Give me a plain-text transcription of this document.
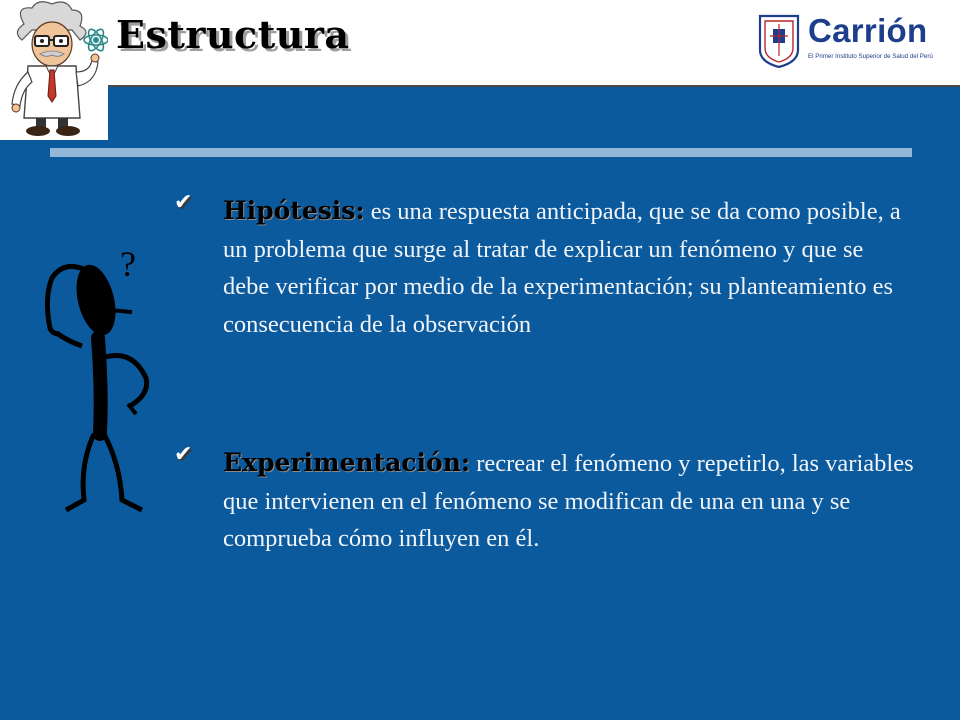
Estructura	Carrión
El Primer Instituto Superior de Salud del Perú
?
✔ Hipótesis: es una respuesta anticipada, que se da como posible, a un problema que surge al tratar de explicar un fenómeno y que se debe verificar por medio de la experimentación; su planteamiento es consecuencia de la observación

✔ Experimentación: recrear el fenómeno y repetirlo, las variables que intervienen en el fenómeno se modifican de una en una y se comprueba cómo influyen en él.
